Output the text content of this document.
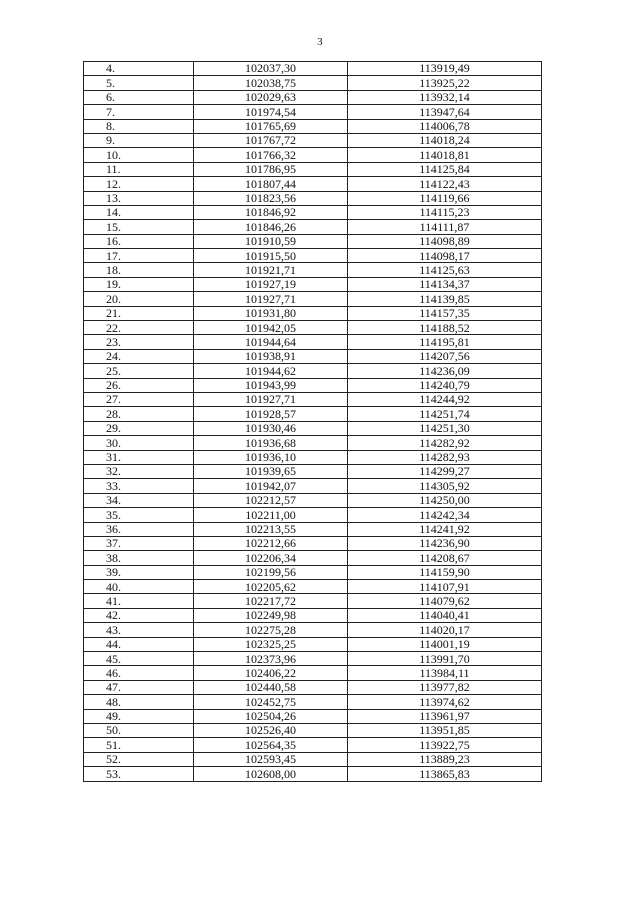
3
4.	102037,30	113919,49
5.	102038,75	113925,22
6.	102029,63	113932,14
7.	101974,54	113947,64
8.	101765,69	114006,78
9.	101767,72	114018,24
10.	101766,32	114018,81
11.	101786,95	114125,84
12.	101807,44	114122,43
13.	101823,56	114119,66
14.	101846,92	114115,23
15.	101846,26	114111,87
16.	101910,59	114098,89
17.	101915,50	114098,17
18.	101921,71	114125,63
19.	101927,19	114134,37
20.	101927,71	114139,85
21.	101931,80	114157,35
22.	101942,05	114188,52
23.	101944,64	114195,81
24.	101938,91	114207,56
25.	101944,62	114236,09
26.	101943,99	114240,79
27.	101927,71	114244,92
28.	101928,57	114251,74
29.	101930,46	114251,30
30.	101936,68	114282,92
31.	101936,10	114282,93
32.	101939,65	114299,27
33.	101942,07	114305,92
34.	102212,57	114250,00
35.	102211,00	114242,34
36.	102213,55	114241,92
37.	102212,66	114236,90
38.	102206,34	114208,67
39.	102199,56	114159,90
40.	102205,62	114107,91
41.	102217,72	114079,62
42.	102249,98	114040,41
43.	102275,28	114020,17
44.	102325,25	114001,19
45.	102373,96	113991,70
46.	102406,22	113984,11
47.	102440,58	113977,82
48.	102452,75	113974,62
49.	102504,26	113961,97
50.	102526,40	113951,85
51.	102564,35	113922,75
52.	102593,45	113889,23
53.	102608,00	113865,83
